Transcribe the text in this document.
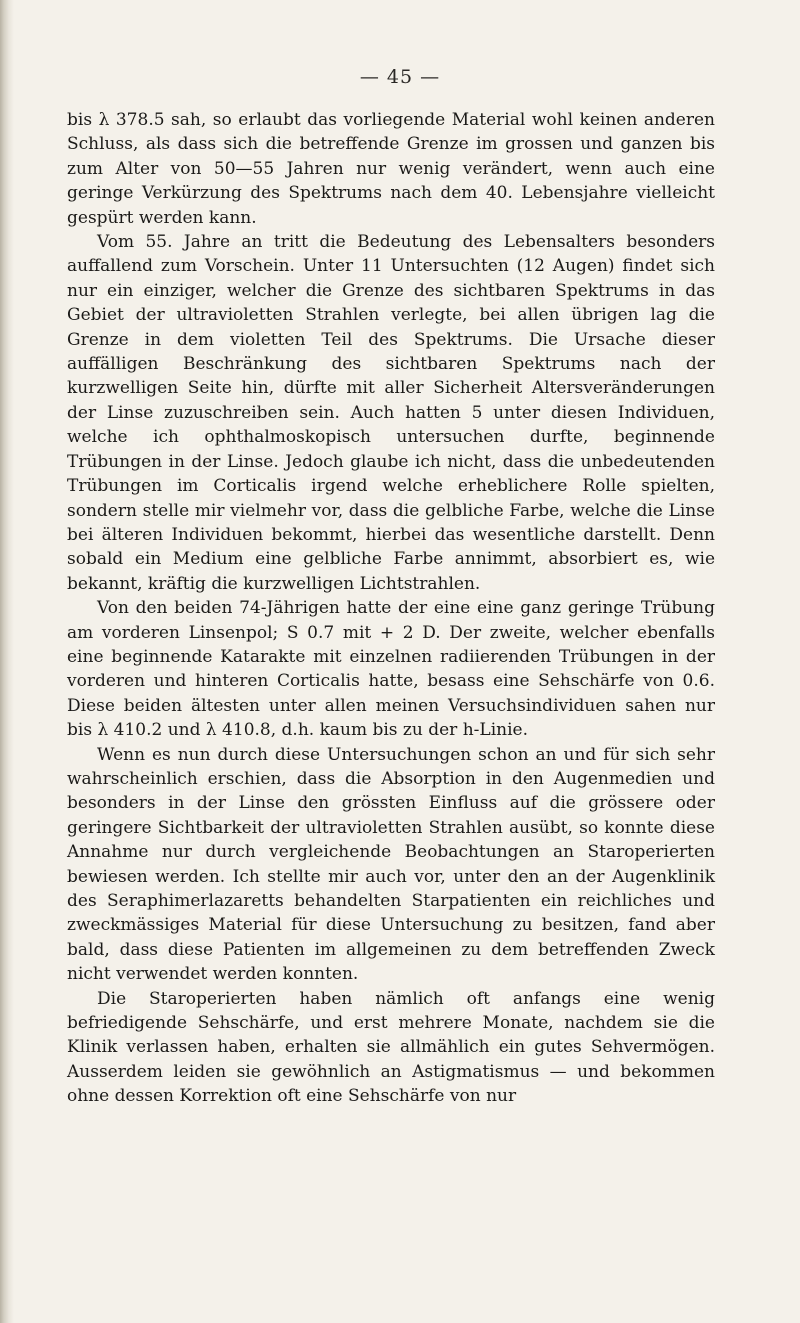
— 45 —

bis λ 378.5 sah, so erlaubt das vorliegende Material wohl keinen anderen Schluss, als dass sich die betreffende Grenze im grossen und ganzen bis zum Alter von 50—55 Jahren nur wenig verändert, wenn auch eine geringe Verkürzung des Spektrums nach dem 40. Lebensjahre vielleicht gespürt werden kann.

Vom 55. Jahre an tritt die Bedeutung des Lebensalters besonders auffallend zum Vorschein. Unter 11 Untersuchten (12 Augen) findet sich nur ein einziger, welcher die Grenze des sichtbaren Spektrums in das Gebiet der ultravioletten Strahlen verlegte, bei allen übrigen lag die Grenze in dem violetten Teil des Spektrums. Die Ursache dieser auffälligen Beschränkung des sichtbaren Spektrums nach der kurzwelligen Seite hin, dürfte mit aller Sicherheit Altersveränderungen der Linse zuzuschreiben sein. Auch hatten 5 unter diesen Individuen, welche ich ophthalmoskopisch untersuchen durfte, beginnende Trübungen in der Linse. Jedoch glaube ich nicht, dass die unbedeutenden Trübungen im Corticalis irgend welche erheblichere Rolle spielten, sondern stelle mir vielmehr vor, dass die gelbliche Farbe, welche die Linse bei älteren Individuen bekommt, hierbei das wesentliche darstellt. Denn sobald ein Medium eine gelbliche Farbe annimmt, absorbiert es, wie bekannt, kräftig die kurzwelligen Lichtstrahlen.

Von den beiden 74-Jährigen hatte der eine eine ganz geringe Trübung am vorderen Linsenpol; S 0.7 mit + 2 D. Der zweite, welcher ebenfalls eine beginnende Katarakte mit einzelnen radiierenden Trübungen in der vorderen und hinteren Corticalis hatte, besass eine Sehschärfe von 0.6. Diese beiden ältesten unter allen meinen Versuchsindividuen sahen nur bis λ 410.2 und λ 410.8, d.h. kaum bis zu der h-Linie.

Wenn es nun durch diese Untersuchungen schon an und für sich sehr wahrscheinlich erschien, dass die Absorption in den Augenmedien und besonders in der Linse den grössten Einfluss auf die grössere oder geringere Sichtbarkeit der ultravioletten Strahlen ausübt, so konnte diese Annahme nur durch vergleichende Beobachtungen an Staroperierten bewiesen werden. Ich stellte mir auch vor, unter den an der Augenklinik des Seraphimerlazaretts behandelten Starpatienten ein reichliches und zweckmässiges Material für diese Untersuchung zu besitzen, fand aber bald, dass diese Patienten im allgemeinen zu dem betreffenden Zweck nicht verwendet werden konnten.

Die Staroperierten haben nämlich oft anfangs eine wenig befriedigende Sehschärfe, und erst mehrere Monate, nachdem sie die Klinik verlassen haben, erhalten sie allmählich ein gutes Sehvermögen. Ausserdem leiden sie gewöhnlich an Astigmatismus — und bekommen ohne dessen Korrektion oft eine Sehschärfe von nur
